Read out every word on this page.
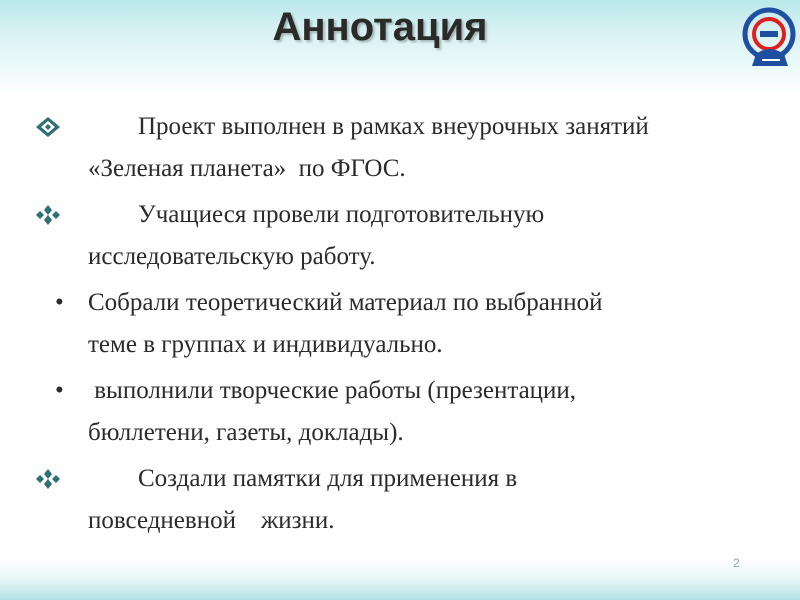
Аннотация
Проект выполнен в рамках внеурочных занятий
«Зеленая планета»  по ФГОС.
Учащиеся провели подготовительную
исследовательскую работу.
• Собрали теоретический материал по выбранной
теме в группах и индивидуально.
• выполнили творческие работы (презентации,
бюллетени, газеты, доклады).
Создали памятки для применения в
повседневной    жизни.
2
